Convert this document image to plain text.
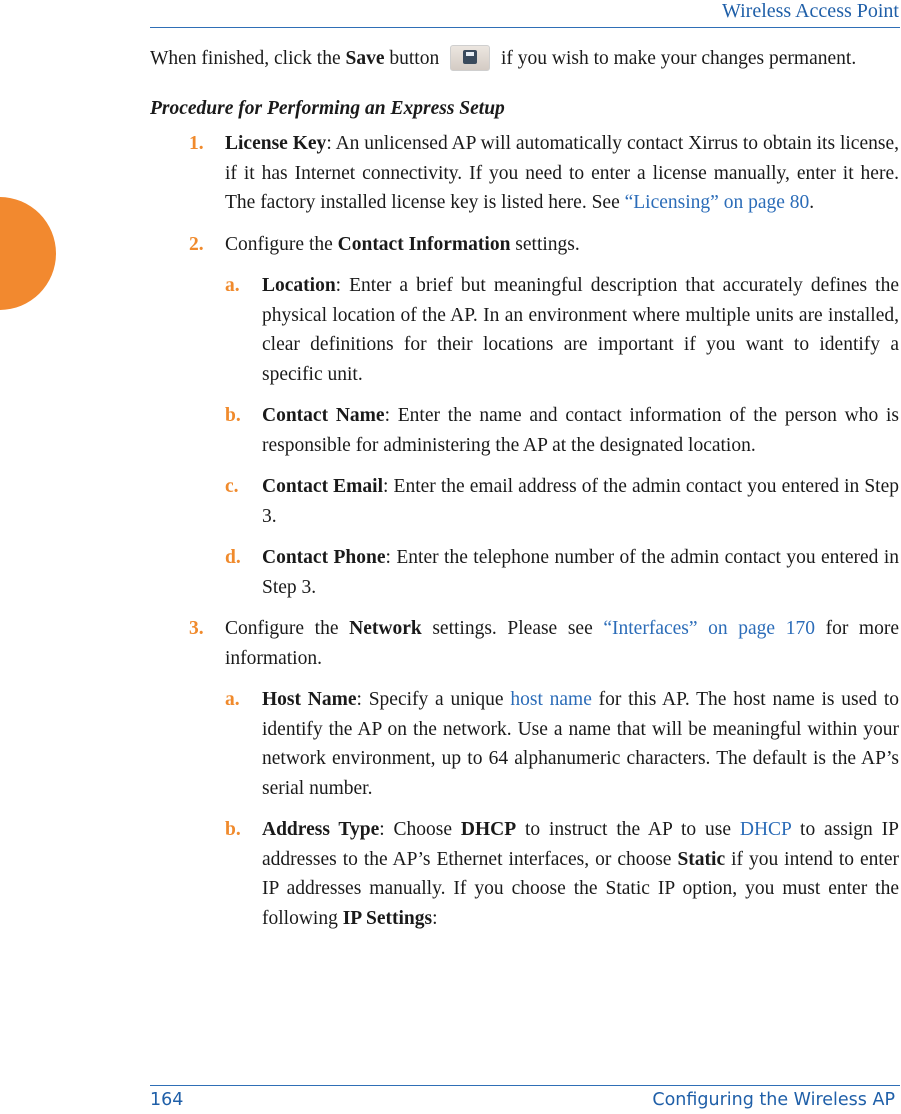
Wireless Access Point

When finished, click the Save button	if you wish to make your changes permanent.

Procedure for Performing an Express Setup

1. License Key: An unlicensed AP will automatically contact Xirrus to obtain its license, if it has Internet connectivity. If you need to enter a license manually, enter it here. The factory installed license key is listed here. See “Licensing” on page 80.

2. Configure the Contact Information settings.

a. Location: Enter a brief but meaningful description that accurately defines the physical location of the AP. In an environment where multiple units are installed, clear definitions for their locations are important if you want to identify a specific unit.

b. Contact Name: Enter the name and contact information of the person who is responsible for administering the AP at the designated location.

c. Contact Email: Enter the email address of the admin contact you entered in Step 3.

d. Contact Phone: Enter the telephone number of the admin contact you entered in Step 3.

3. Configure the Network settings. Please see “Interfaces” on page 170 for more information.

a. Host Name: Specify a unique host name for this AP. The host name is used to identify the AP on the network. Use a name that will be meaningful within your network environment, up to 64 alphanumeric characters. The default is the AP’s serial number.

b. Address Type: Choose DHCP to instruct the AP to use DHCP to assign IP addresses to the AP’s Ethernet interfaces, or choose Static if you intend to enter IP addresses manually. If you choose the Static IP option, you must enter the following IP Settings:

164	Configuring the Wireless AP
